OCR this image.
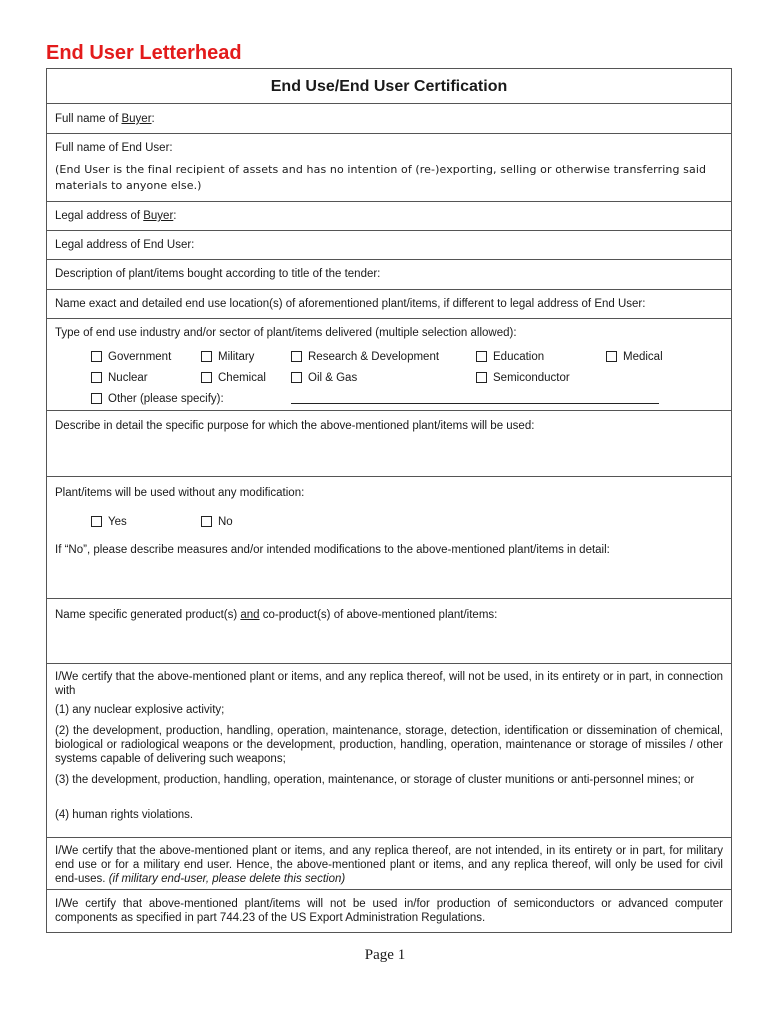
End User Letterhead
End Use/End User Certification
Full name of Buyer:
Full name of End User:
(End User is the final recipient of assets and has no intention of (re-)exporting, selling or otherwise transferring said materials to anyone else.)
Legal address of Buyer:
Legal address of End User:
Description of plant/items bought according to title of the tender:
Name exact and detailed end use location(s) of aforementioned plant/items, if different to legal address of End User:
Type of end use industry and/or sector of plant/items delivered (multiple selection allowed):
Government	Military	Research & Development	Education	Medical
Nuclear	Chemical	Oil & Gas	Semiconductor
Other (please specify):
Describe in detail the specific purpose for which the above-mentioned plant/items will be used:
Plant/items will be used without any modification:
Yes	No
If “No”, please describe measures and/or intended modifications to the above-mentioned plant/items in detail:
Name specific generated product(s) and co-product(s) of above-mentioned plant/items:
I/We certify that the above-mentioned plant or items, and any replica thereof, will not be used, in its entirety or in part, in connection with
(1) any nuclear explosive activity;
(2) the development, production, handling, operation, maintenance, storage, detection, identification or dissemination of chemical, biological or radiological weapons or the development, production, handling, operation, maintenance or storage of missiles / other systems capable of delivering such weapons;
(3) the development, production, handling, operation, maintenance, or storage of cluster munitions or anti-personnel mines; or
(4) human rights violations.
I/We certify that the above-mentioned plant or items, and any replica thereof, are not intended, in its entirety or in part, for military end use or for a military end user. Hence, the above-mentioned plant or items, and any replica thereof, will only be used for civil end-uses. (if military end-user, please delete this section)
I/We certify that above-mentioned plant/items will not be used in/for production of semiconductors or advanced computer components as specified in part 744.23 of the US Export Administration Regulations.
Page 1
